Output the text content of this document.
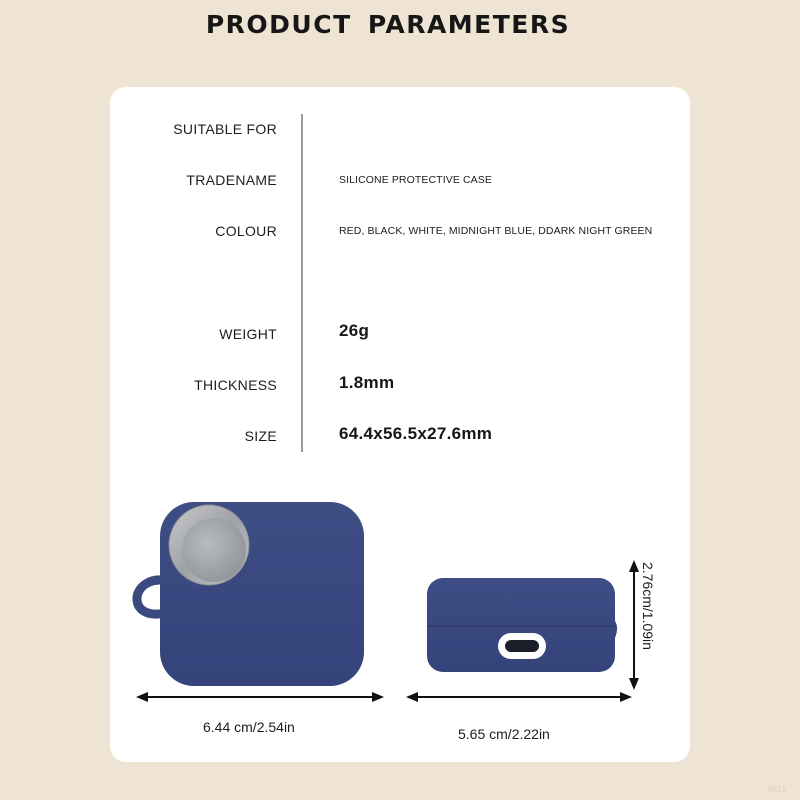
PRODUCT PARAMETERS
SUITABLE FOR
TRADENAME	SILICONE PROTECTIVE CASE
COLOUR	RED, BLACK, WHITE, MIDNIGHT BLUE, DDARK NIGHT GREEN
WEIGHT	26g
THICKNESS	1.8mm
SIZE	64.4x56.5x27.6mm
6.44 cm/2.54in	5.65 cm/2.22in
2.76cm/1.09in
8813
